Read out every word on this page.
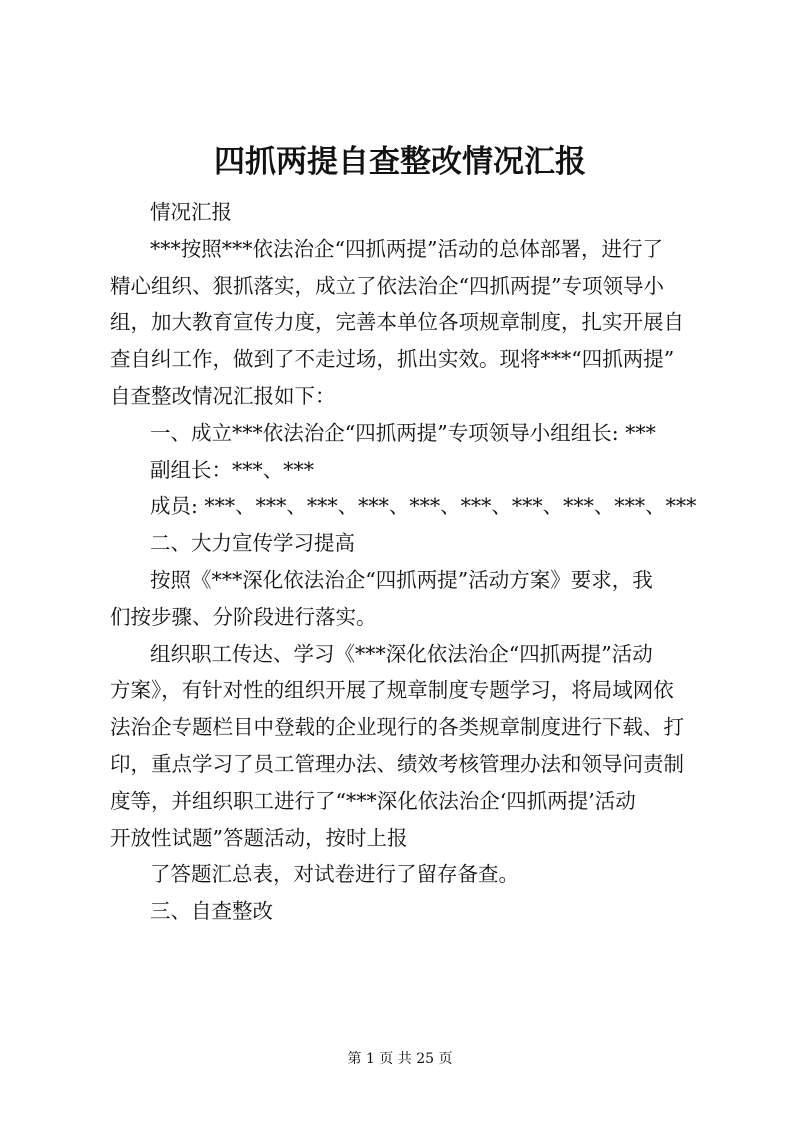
四抓两提自查整改情况汇报
情况汇报
***按照***依法治企“四抓两提”活动的总体部署，进行了
精心组织、狠抓落实，成立了依法治企“四抓两提”专项领导小
组，加大教育宣传力度，完善本单位各项规章制度，扎实开展自
查自纠工作，做到了不走过场，抓出实效。现将***“四抓两提”
自查整改情况汇报如下：
一、成立***依法治企“四抓两提”专项领导小组组长: ***
副组长：***、***
成员: ***、***、***、***、***、***、***、***、***、***
二、大力宣传学习提高
按照《***深化依法治企“四抓两提”活动方案》要求，我
们按步骤、分阶段进行落实。
组织职工传达、学习《***深化依法治企“四抓两提”活动
方案》，有针对性的组织开展了规章制度专题学习，将局域网依
法治企专题栏目中登载的企业现行的各类规章制度进行下载、打
印，重点学习了员工管理办法、绩效考核管理办法和领导问责制
度等，并组织职工进行了“***深化依法治企‘四抓两提’活动
开放性试题”答题活动，按时上报
了答题汇总表，对试卷进行了留存备查。
三、自查整改
第 1 页 共 25 页
